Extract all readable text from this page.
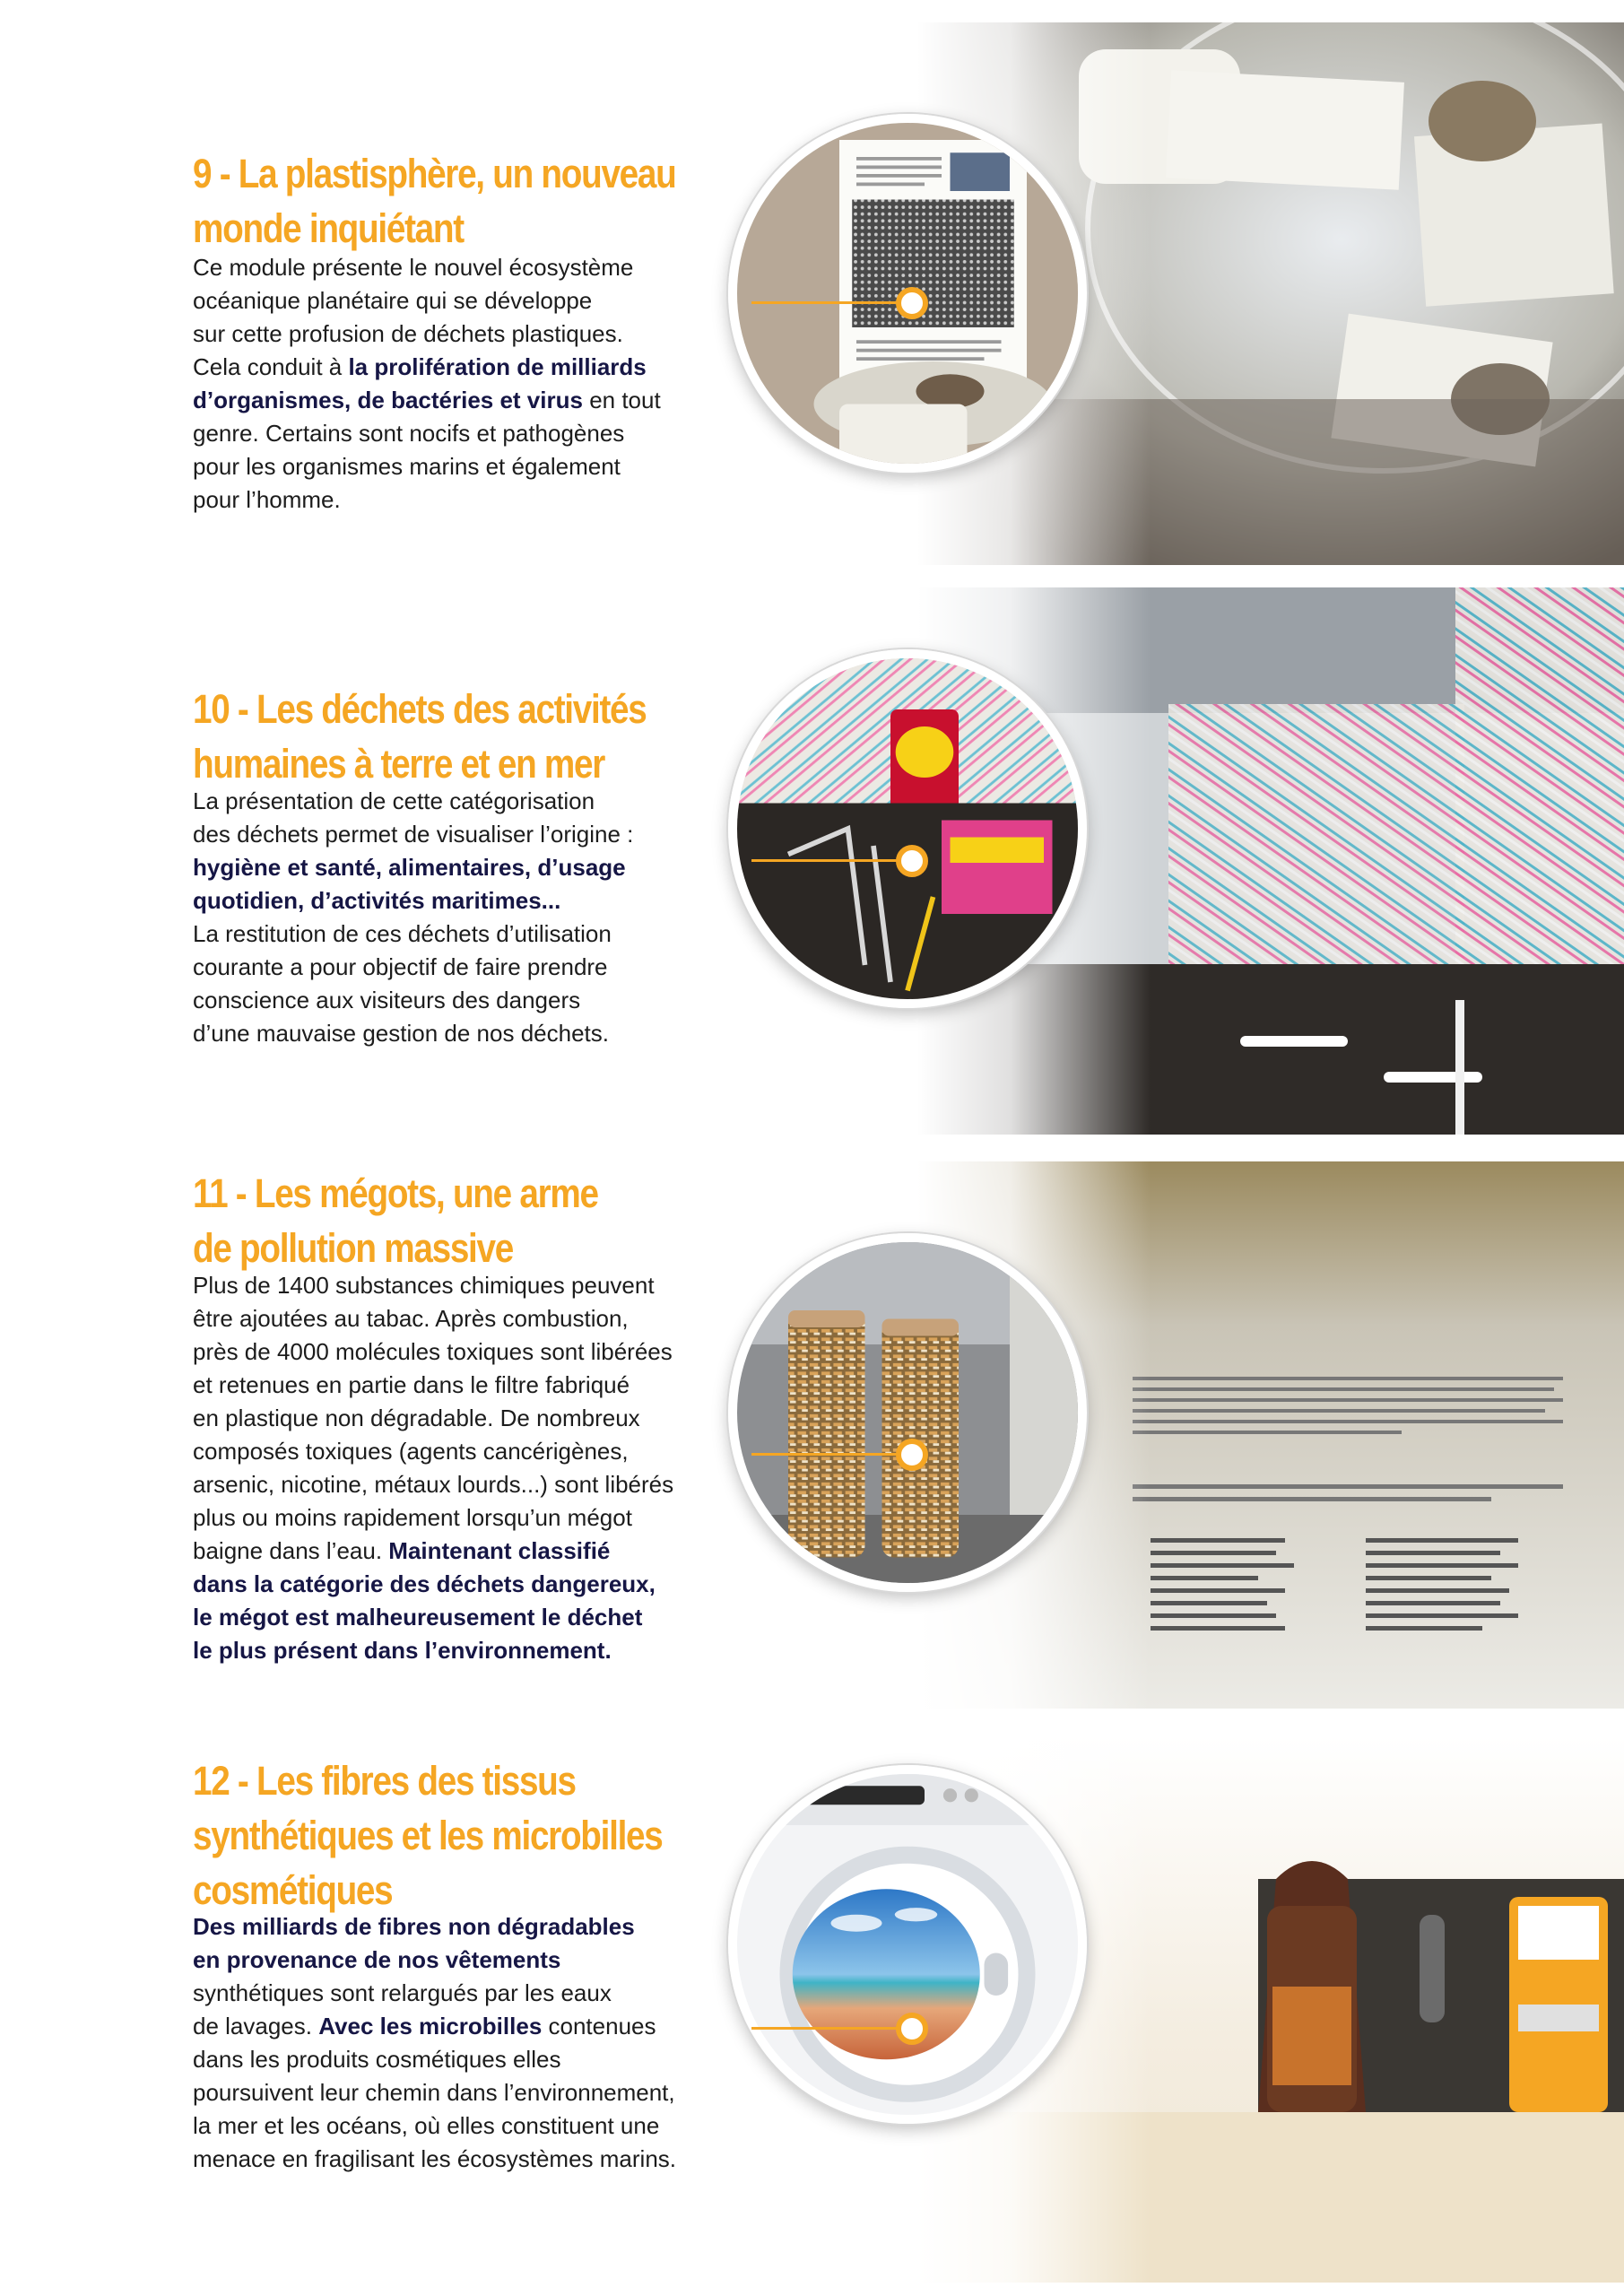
9 - La plastisphère, un nouveau
monde inquiétant

Ce module présente le nouvel écosystème
océanique planétaire qui se développe
sur cette profusion de déchets plastiques.
Cela conduit à la prolifération de milliards
d’organismes, de bactéries et virus en tout
genre. Certains sont nocifs et pathogènes
pour les organismes marins et également
pour l’homme.

10 - Les déchets des activités
humaines à terre et en mer

La présentation de cette catégorisation
des déchets permet de visualiser l’origine :
hygiène et santé, alimentaires, d’usage
quotidien, d’activités maritimes...
La restitution de ces déchets d’utilisation
courante a pour objectif de faire prendre
conscience aux visiteurs des dangers
d’une mauvaise gestion de nos déchets.

11 - Les mégots, une arme
de pollution massive

Plus de 1400 substances chimiques peuvent
être ajoutées au tabac. Après combustion,
près de 4000 molécules toxiques sont libérées
et retenues en partie dans le filtre fabriqué
en plastique non dégradable. De nombreux
composés toxiques (agents cancérigènes,
arsenic, nicotine, métaux lourds...) sont libérés
plus ou moins rapidement lorsqu’un mégot
baigne dans l’eau. Maintenant classifié
dans la catégorie des déchets dangereux,
le mégot est malheureusement le déchet
le plus présent dans l’environnement.

12 - Les fibres des tissus
synthétiques et les microbilles
cosmétiques

Des milliards de fibres non dégradables
en provenance de nos vêtements
synthétiques sont relargués par les eaux
de lavages. Avec les microbilles contenues
dans les produits cosmétiques elles
poursuivent leur chemin dans l’environnement,
la mer et les océans, où elles constituent une
menace en fragilisant les écosystèmes marins.
